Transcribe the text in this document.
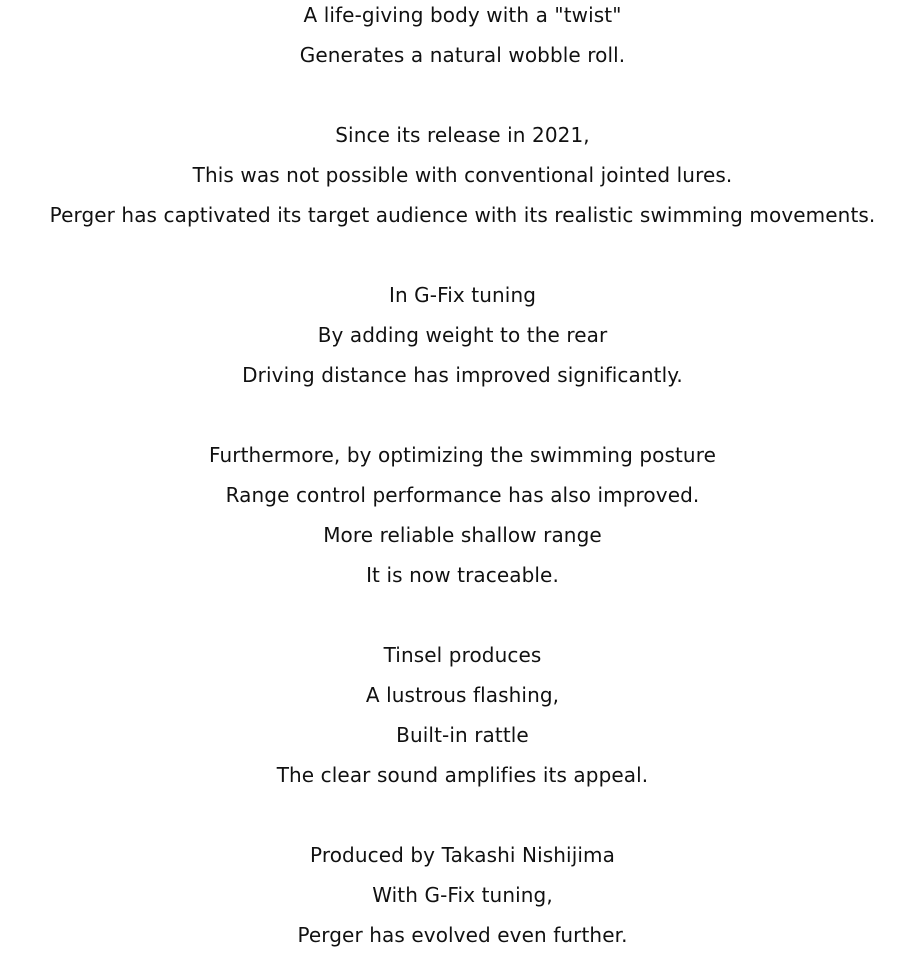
A life-giving body with a "twist"

Generates a natural wobble roll.

Since its release in 2021,

This was not possible with conventional jointed lures.

Perger has captivated its target audience with its realistic swimming movements.

In G-Fix tuning

By adding weight to the rear

Driving distance has improved significantly.

Furthermore, by optimizing the swimming posture

Range control performance has also improved.

More reliable shallow range

It is now traceable.

Tinsel produces

A lustrous flashing,

Built-in rattle

The clear sound amplifies its appeal.

Produced by Takashi Nishijima

With G-Fix tuning,

Perger has evolved even further.
